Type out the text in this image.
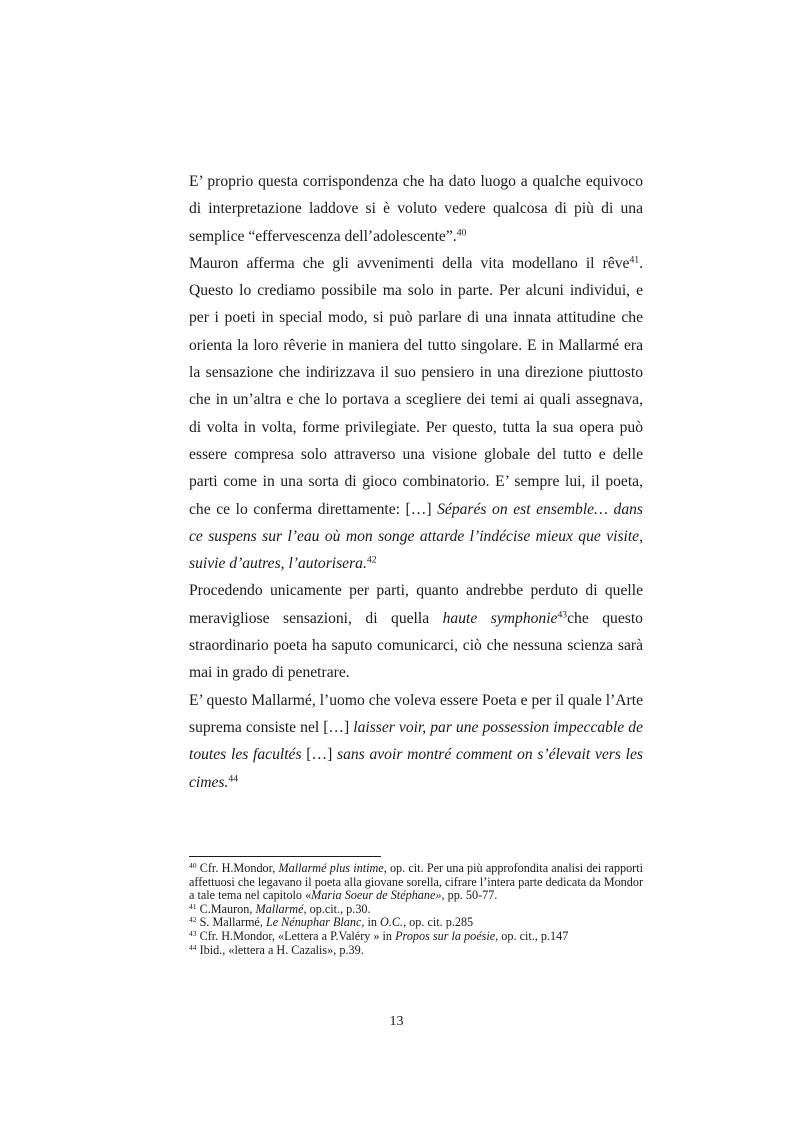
E’ proprio questa corrispondenza che ha dato luogo a qualche equivoco di interpretazione laddove si è voluto vedere qualcosa di più di una semplice “effervescenza dell’adolescente”.$^{40}$

Mauron afferma che gli avvenimenti della vita modellano il rêve$^{41}$. Questo lo crediamo possibile ma solo in parte. Per alcuni individui, e per i poeti in special modo, si può parlare di una innata attitudine che orienta la loro rêverie in maniera del tutto singolare. E in Mallarmé era la sensazione che indirizzava il suo pensiero in una direzione piuttosto che in un’altra e che lo portava a scegliere dei temi ai quali assegnava, di volta in volta, forme privilegiate. Per questo, tutta la sua opera può essere compresa solo attraverso una visione globale del tutto e delle parti come in una sorta di gioco combinatorio. E’ sempre lui, il poeta, che ce lo conferma direttamente: […] Séparés on est ensemble… dans ce suspens sur l’eau où mon songe attarde l’indécise mieux que visite, suivie d’autres, l’autorisera.$^{42}$

Procedendo unicamente per parti, quanto andrebbe perduto di quelle meravigliose sensazioni, di quella haute symphonie$^{43}$che questo straordinario poeta ha saputo comunicarci, ciò che nessuna scienza sarà mai in grado di penetrare.

E’ questo Mallarmé, l’uomo che voleva essere Poeta e per il quale l’Arte suprema consiste nel […] laisser voir, par une possession impeccable de toutes les facultés […] sans avoir montré comment on s’élevait vers les cimes.$^{44}$

$^{40}$ Cfr. H.Mondor, Mallarmé plus intime, op. cit. Per una più approfondita analisi dei rapporti affettuosi che legavano il poeta alla giovane sorella, cifrare l’intera parte dedicata da Mondor a tale tema nel capitolo «Maria Soeur de Stéphane», pp. 50-77.

$^{41}$ C.Mauron, Mallarmé, op.cit., p.30.

$^{42}$ S. Mallarmé, Le Nénuphar Blanc, in O.C., op. cit. p.285

$^{43}$ Cfr. H.Mondor, «Lettera a P.Valéry » in Propos sur la poésie, op. cit., p.147

$^{44}$ Ibid., «lettera a H. Cazalis», p.39.

13
